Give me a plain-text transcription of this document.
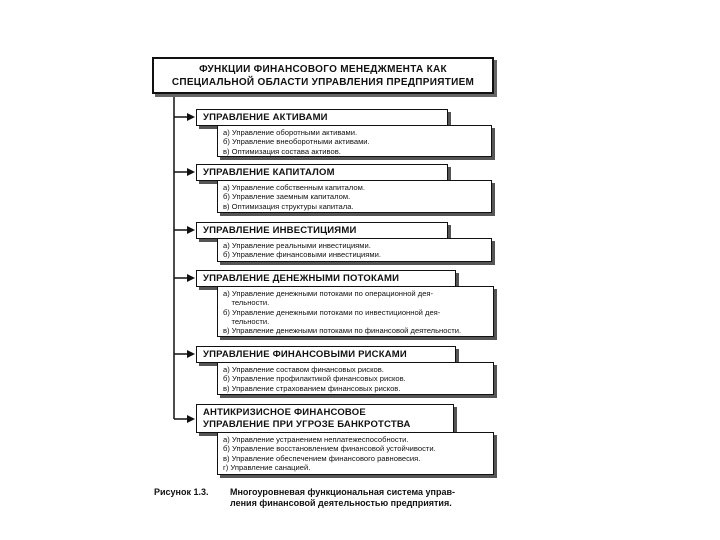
ФУНКЦИИ ФИНАНСОВОГО МЕНЕДЖМЕНТА КАК
СПЕЦИАЛЬНОЙ ОБЛАСТИ УПРАВЛЕНИЯ ПРЕДПРИЯТИЕМ
УПРАВЛЕНИЕ АКТИВАМИ
а) Управление оборотными активами.
б) Управление внеоборотными активами.
в) Оптимизация состава активов.
УПРАВЛЕНИЕ КАПИТАЛОМ
а) Управление собственным капиталом.
б) Управление заемным капиталом.
в) Оптимизация структуры капитала.
УПРАВЛЕНИЕ ИНВЕСТИЦИЯМИ
а) Управление реальными инвестициями.
б) Управление финансовыми инвестициями.
УПРАВЛЕНИЕ ДЕНЕЖНЫМИ ПОТОКАМИ
а) Управление денежными потоками по операционной дея-
тельности.
б) Управление денежными потоками по инвестиционной дея-
тельности.
в) Управление денежными потоками по финансовой деятельности.
УПРАВЛЕНИЕ ФИНАНСОВЫМИ РИСКАМИ
а) Управление составом финансовых рисков.
б) Управление профилактикой финансовых рисков.
в) Управление страхованием финансовых рисков.
АНТИКРИЗИСНОЕ ФИНАНСОВОЕ
УПРАВЛЕНИЕ ПРИ УГРОЗЕ БАНКРОТСТВА
а) Управление устранением неплатежеспособности.
б) Управление восстановлением финансовой устойчивости.
в) Управление обеспечением финансового равновесия.
г) Управление санацией.
Рисунок 1.3. Многоуровневая функциональная система управ-
ления финансовой деятельностью предприятия.
